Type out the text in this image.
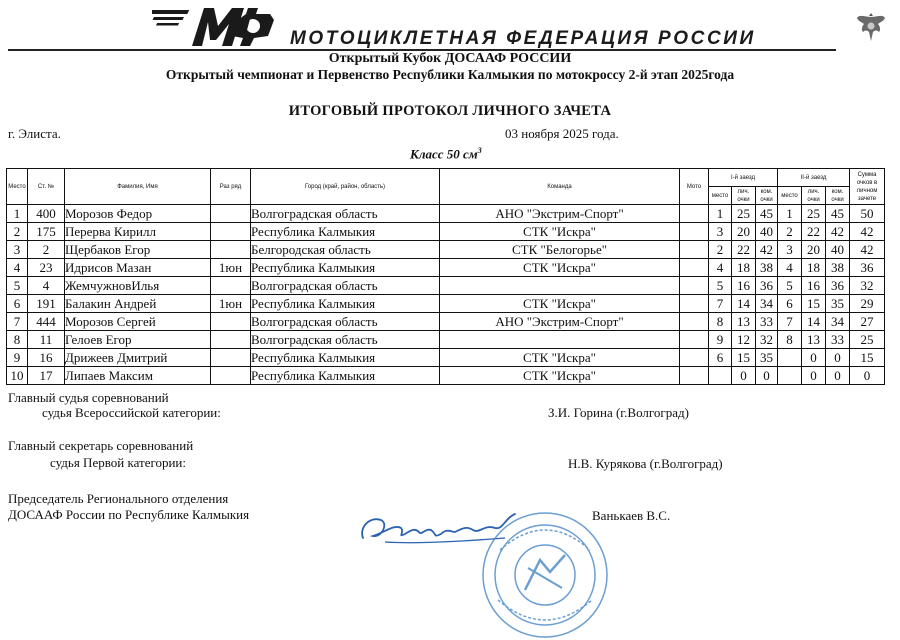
МОТОЦИКЛЕТНАЯ ФЕДЕРАЦИЯ РОССИИ
Открытый Кубок ДОСААФ РОССИИ
Открытый чемпионат и Первенство Республики Калмыкия по мотокроссу 2-й этап 2025года
ИТОГОВЫЙ ПРОТОКОЛ ЛИЧНОГО ЗАЧЕТА
г. Элиста.	03 ноября 2025 года.
Класс 50 $см^3$
Место	Ст. №	Фамилия, Имя	Раз ряд	Город (край, район, область)	Команда	Мото	I-й заезд			II-й заезд			Сумма очков в личном зачете
							место	лич. очки	ком. очки	место	лич. очки	ком. очки	
1	400	Морозов Федор		Волгоградская область	АНО "Экстрим-Спорт"		1	25	45	1	25	45	50
2	175	Перерва Кирилл		Республика Калмыкия	СТК "Искра"		3	20	40	2	22	42	42
3	2	Щербаков Егор		Белгородская область	СТК "Белогорье"		2	22	42	3	20	40	42
4	23	Идрисов Мазан	1юн	Республика Калмыкия	СТК "Искра"		4	18	38	4	18	38	36
5	4	ЖемчужновИлья		Волгоградская область			5	16	36	5	16	36	32
6	191	Балакин Андрей	1юн	Республика Калмыкия	СТК "Искра"		7	14	34	6	15	35	29
7	444	Морозов Сергей		Волгоградская область	АНО "Экстрим-Спорт"		8	13	33	7	14	34	27
8	11	Гелоев Егор		Волгоградская область			9	12	32	8	13	33	25
9	16	Дрижеев Дмитрий		Республика Калмыкия	СТК "Искра"		6	15	35		0	0	15
10	17	Липаев Максим		Республика Калмыкия	СТК "Искра"			0	0		0	0	0
Главный судья соревнований
судья Всероссийской категории:	З.И. Горина (г.Волгоград)
Главный секретарь соревнований
судья Первой категории:	Н.В. Курякова (г.Волгоград)
Председатель Регионального отделения
ДОСААФ России по Республике Калмыкия	Ванькаев В.С.
